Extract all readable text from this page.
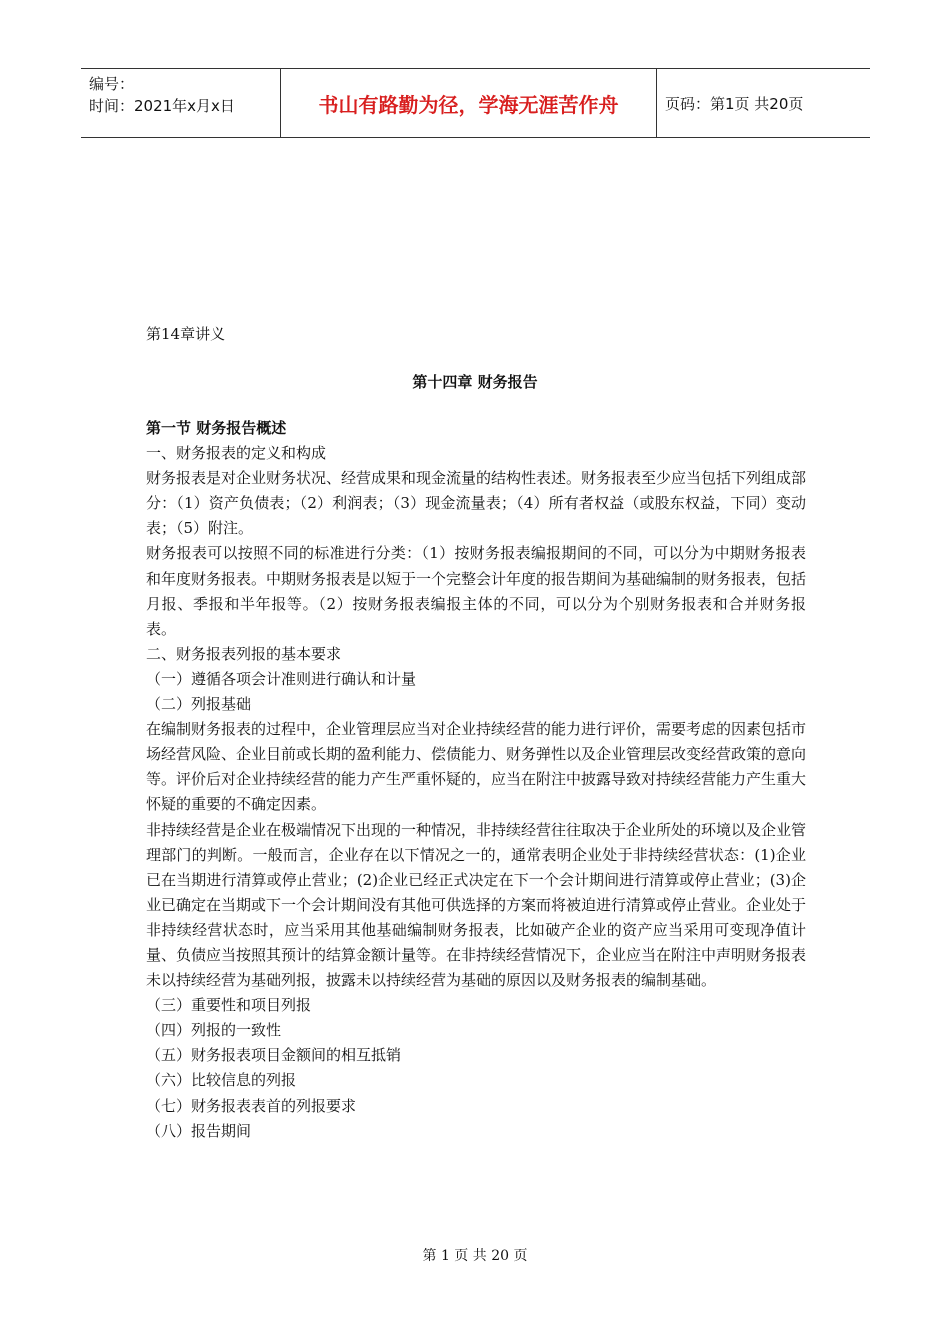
编号：
时间：2021年x月x日	书山有路勤为径，学海无涯苦作舟	页码：第1页 共20页
第14章讲义
第十四章 财务报告

第一节 财务报告概述

一、财务报表的定义和构成

财务报表是对企业财务状况、经营成果和现金流量的结构性表述。财务报表至少应当包括下列组成部分：（1）资产负债表；（2）利润表；（3）现金流量表；（4）所有者权益（或股东权益，下同）变动表；（5）附注。

财务报表可以按照不同的标准进行分类：（1）按财务报表编报期间的不同，可以分为中期财务报表和年度财务报表。中期财务报表是以短于一个完整会计年度的报告期间为基础编制的财务报表，包括月报、季报和半年报等。（2）按财务报表编报主体的不同，可以分为个别财务报表和合并财务报表。

二、财务报表列报的基本要求

（一）遵循各项会计准则进行确认和计量

（二）列报基础

在编制财务报表的过程中，企业管理层应当对企业持续经营的能力进行评价，需要考虑的因素包括市场经营风险、企业目前或长期的盈利能力、偿债能力、财务弹性以及企业管理层改变经营政策的意向等。评价后对企业持续经营的能力产生严重怀疑的，应当在附注中披露导致对持续经营能力产生重大怀疑的重要的不确定因素。

非持续经营是企业在极端情况下出现的一种情况，非持续经营往往取决于企业所处的环境以及企业管理部门的判断。一般而言，企业存在以下情况之一的，通常表明企业处于非持续经营状态：(1)企业已在当期进行清算或停止营业；(2)企业已经正式决定在下一个会计期间进行清算或停止营业；(3)企业已确定在当期或下一个会计期间没有其他可供选择的方案而将被迫进行清算或停止营业。企业处于非持续经营状态时，应当采用其他基础编制财务报表，比如破产企业的资产应当采用可变现净值计量、负债应当按照其预计的结算金额计量等。在非持续经营情况下，企业应当在附注中声明财务报表未以持续经营为基础列报，披露未以持续经营为基础的原因以及财务报表的编制基础。

（三）重要性和项目列报

（四）列报的一致性

（五）财务报表项目金额间的相互抵销

（六）比较信息的列报

（七）财务报表表首的列报要求

（八）报告期间

第 1 页 共 20 页
